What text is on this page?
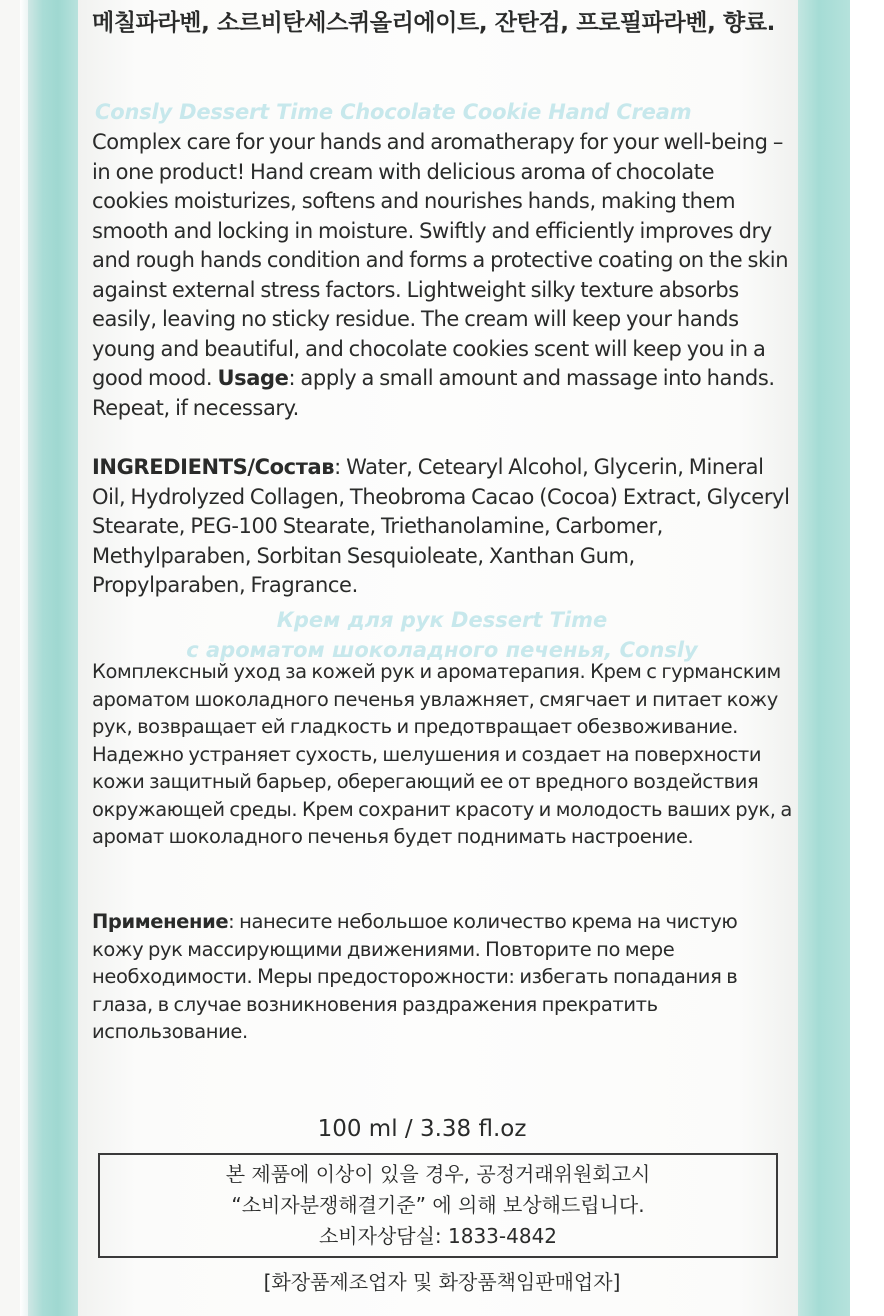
메칠파라벤, 소르비탄세스퀴올리에이트, 잔탄검, 프로필파라벤, 향료.
Consly Dessert Time Chocolate Cookie Hand Cream
Complex care for your hands and aromatherapy for your well-being – in one product! Hand cream with delicious aroma of chocolate cookies moisturizes, softens and nourishes hands, making them smooth and locking in moisture. Swiftly and efficiently improves dry and rough hands condition and forms a protective coating on the skin against external stress factors. Lightweight silky texture absorbs easily, leaving no sticky residue. The cream will keep your hands young and beautiful, and chocolate cookies scent will keep you in a good mood. Usage: apply a small amount and massage into hands. Repeat, if necessary.
INGREDIENTS/Состав: Water, Cetearyl Alcohol, Glycerin, Mineral Oil, Hydrolyzed Collagen, Theobroma Cacao (Cocoa) Extract, Glyceryl Stearate, PEG-100 Stearate, Triethanolamine, Carbomer, Methylparaben, Sorbitan Sesquioleate, Xanthan Gum, Propylparaben, Fragrance.
Крем для рук Dessert Time
с ароматом шоколадного печенья, Consly
Комплексный уход за кожей рук и ароматерапия. Крем с гурманским ароматом шоколадного печенья увлажняет, смягчает и питает кожу рук, возвращает ей гладкость и предотвращает обезвоживание. Надежно устраняет сухость, шелушения и создает на поверхности кожи защитный барьер, оберегающий ее от вредного воздействия окружающей среды. Крем сохранит красоту и молодость ваших рук, а аромат шоколадного печенья будет поднимать настроение.
Применение: нанесите небольшое количество крема на чистую кожу рук массирующими движениями. Повторите по мере необходимости. Меры предосторожности: избегать попадания в глаза, в случае возникновения раздражения прекратить использование.
100 ml / 3.38 fl.oz
본 제품에 이상이 있을 경우, 공정거래위원회고시
“소비자분쟁해결기준” 에 의해 보상해드립니다.
소비자상담실: 1833-4842
[화장품제조업자 및 화장품책임판매업자]
